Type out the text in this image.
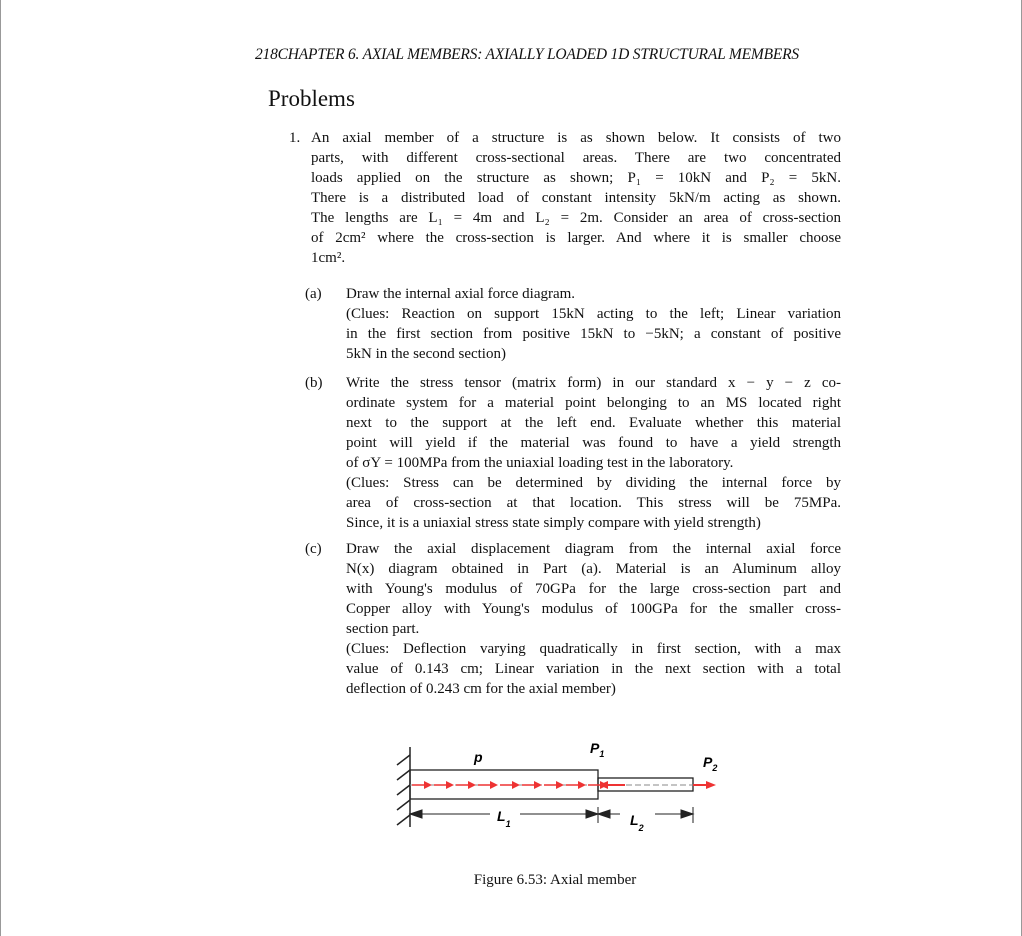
218CHAPTER 6. AXIAL MEMBERS: AXIALLY LOADED 1D STRUCTURAL MEMBERS
Problems
1. An axial member of a structure is as shown below. It consists of two
parts, with different cross-sectional areas. There are two concentrated
loads applied on the structure as shown; P₁ = 10kN and P₂ = 5kN.
There is a distributed load of constant intensity 5kN/m acting as shown.
The lengths are L₁ = 4m and L₂ = 2m. Consider an area of cross-section
of 2cm² where the cross-section is larger. And where it is smaller choose
1cm².
(a) Draw the internal axial force diagram.
(Clues: Reaction on support 15kN acting to the left; Linear variation
in the first section from positive 15kN to −5kN; a constant of positive
5kN in the second section)
(b) Write the stress tensor (matrix form) in our standard x − y − z co-
ordinate system for a material point belonging to an MS located right
next to the support at the left end. Evaluate whether this material
point will yield if the material was found to have a yield strength
of σY = 100MPa from the uniaxial loading test in the laboratory.
(Clues: Stress can be determined by dividing the internal force by
area of cross-section at that location. This stress will be 75MPa.
Since, it is a uniaxial stress state simply compare with yield strength)
(c) Draw the axial displacement diagram from the internal axial force
N(x) diagram obtained in Part (a). Material is an Aluminum alloy
with Young's modulus of 70GPa for the large cross-section part and
Copper alloy with Young's modulus of 100GPa for the smaller cross-
section part.
(Clues: Deflection varying quadratically in first section, with a max
value of 0.143 cm; Linear variation in the next section with a total
deflection of 0.243 cm for the axial member)
p
$P_1$	$P_2$
$L_1$	$L_2$
Figure 6.53: Axial member
